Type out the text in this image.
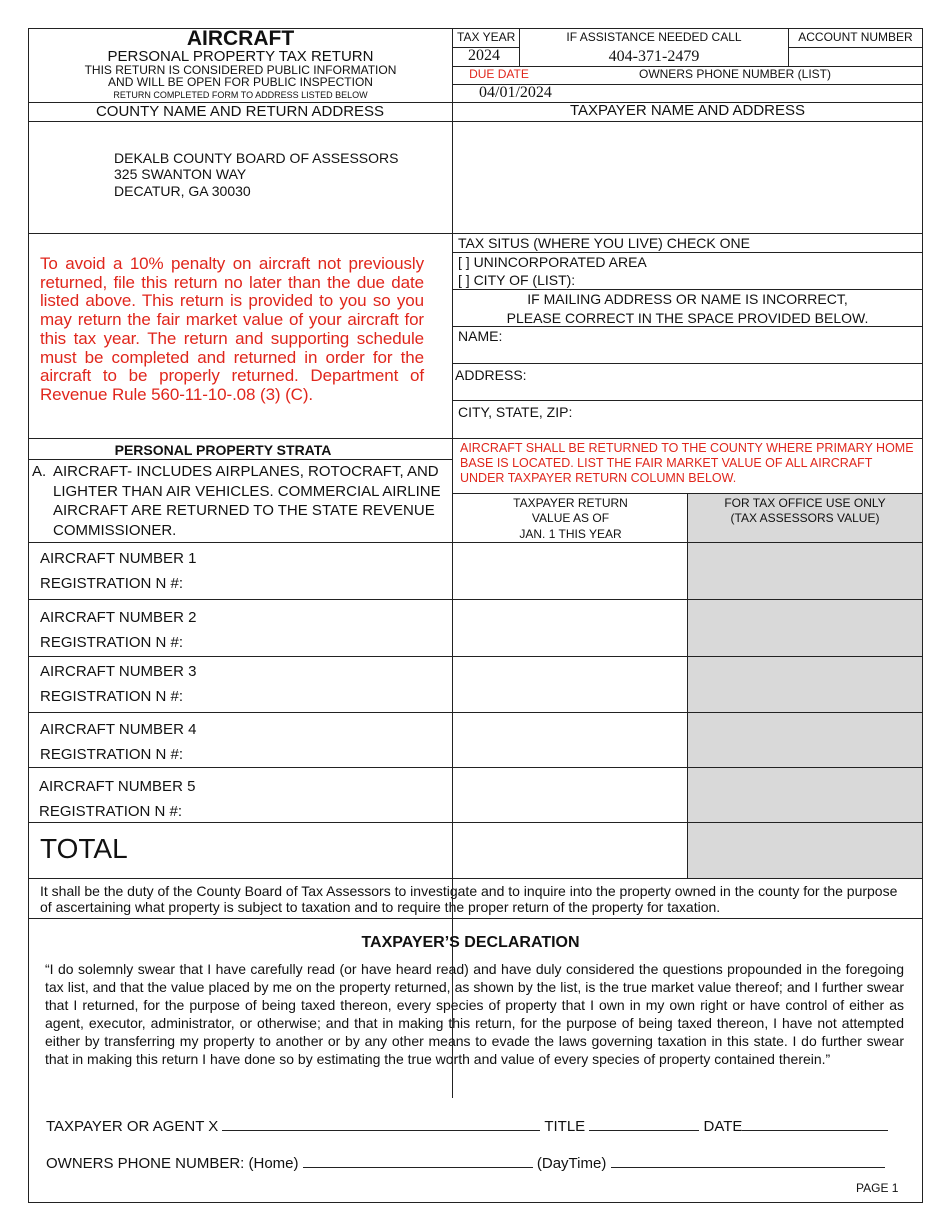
AIRCRAFT
PERSONAL PROPERTY TAX RETURN
THIS RETURN IS CONSIDERED PUBLIC INFORMATION
AND WILL BE OPEN FOR PUBLIC INSPECTION
RETURN COMPLETED FORM TO ADDRESS LISTED BELOW
TAX YEAR
2024
IF ASSISTANCE NEEDED CALL
404-371-2479
ACCOUNT NUMBER
DUE DATE
04/01/2024
OWNERS PHONE NUMBER (LIST)
COUNTY NAME AND RETURN ADDRESS	TAXPAYER NAME AND ADDRESS
DEKALB COUNTY BOARD OF ASSESSORS
325 SWANTON WAY
DECATUR, GA 30030
To avoid a 10% penalty on aircraft not previously returned, file this return no later than the due date listed above. This return is provided to you so you may return the fair market value of your aircraft for this tax year. The return and supporting schedule must be completed and returned in order for the aircraft to be properly returned. Department of Revenue Rule 560-11-10-.08 (3) (C).
TAX SITUS (WHERE YOU LIVE) CHECK ONE
[ ] UNINCORPORATED AREA
[ ] CITY OF (LIST):
IF MAILING ADDRESS OR NAME IS INCORRECT,
PLEASE CORRECT IN THE SPACE PROVIDED BELOW.
NAME:
ADDRESS:
CITY, STATE, ZIP:
PERSONAL PROPERTY STRATA
A. AIRCRAFT- INCLUDES AIRPLANES, ROTOCRAFT, AND LIGHTER THAN AIR VEHICLES. COMMERCIAL AIRLINE AIRCRAFT ARE RETURNED TO THE STATE REVENUE COMMISSIONER.
AIRCRAFT SHALL BE RETURNED TO THE COUNTY WHERE PRIMARY HOME BASE IS LOCATED. LIST THE FAIR MARKET VALUE OF ALL AIRCRAFT UNDER TAXPAYER RETURN COLUMN BELOW.
TAXPAYER RETURN
VALUE AS OF
JAN. 1 THIS YEAR
FOR TAX OFFICE USE ONLY
(TAX ASSESSORS VALUE)
AIRCRAFT NUMBER 1
REGISTRATION N #:
AIRCRAFT NUMBER 2
REGISTRATION N #:
AIRCRAFT NUMBER 3
REGISTRATION N #:
AIRCRAFT NUMBER 4
REGISTRATION N #:
AIRCRAFT NUMBER 5
REGISTRATION N #:
TOTAL
It shall be the duty of the County Board of Tax Assessors to investigate and to inquire into the property owned in the county for the purpose of ascertaining what property is subject to taxation and to require the proper return of the property for taxation.
TAXPAYER’S DECLARATION
“I do solemnly swear that I have carefully read (or have heard read) and have duly considered the questions propounded in the foregoing tax list, and that the value placed by me on the property returned, as shown by the list, is the true market value thereof; and I further swear that I returned, for the purpose of being taxed thereon, every species of property that I own in my own right or have control of either as agent, executor, administrator, or otherwise; and that in making this return, for the purpose of being taxed thereon, I have not attempted either by transferring my property to another or by any other means to evade the laws governing taxation in this state. I do further swear that in making this return I have done so by estimating the true worth and value of every species of property contained therein.”
TAXPAYER OR AGENT X	TITLE	DATE
OWNERS PHONE NUMBER: (Home)	(DayTime)
PAGE 1
